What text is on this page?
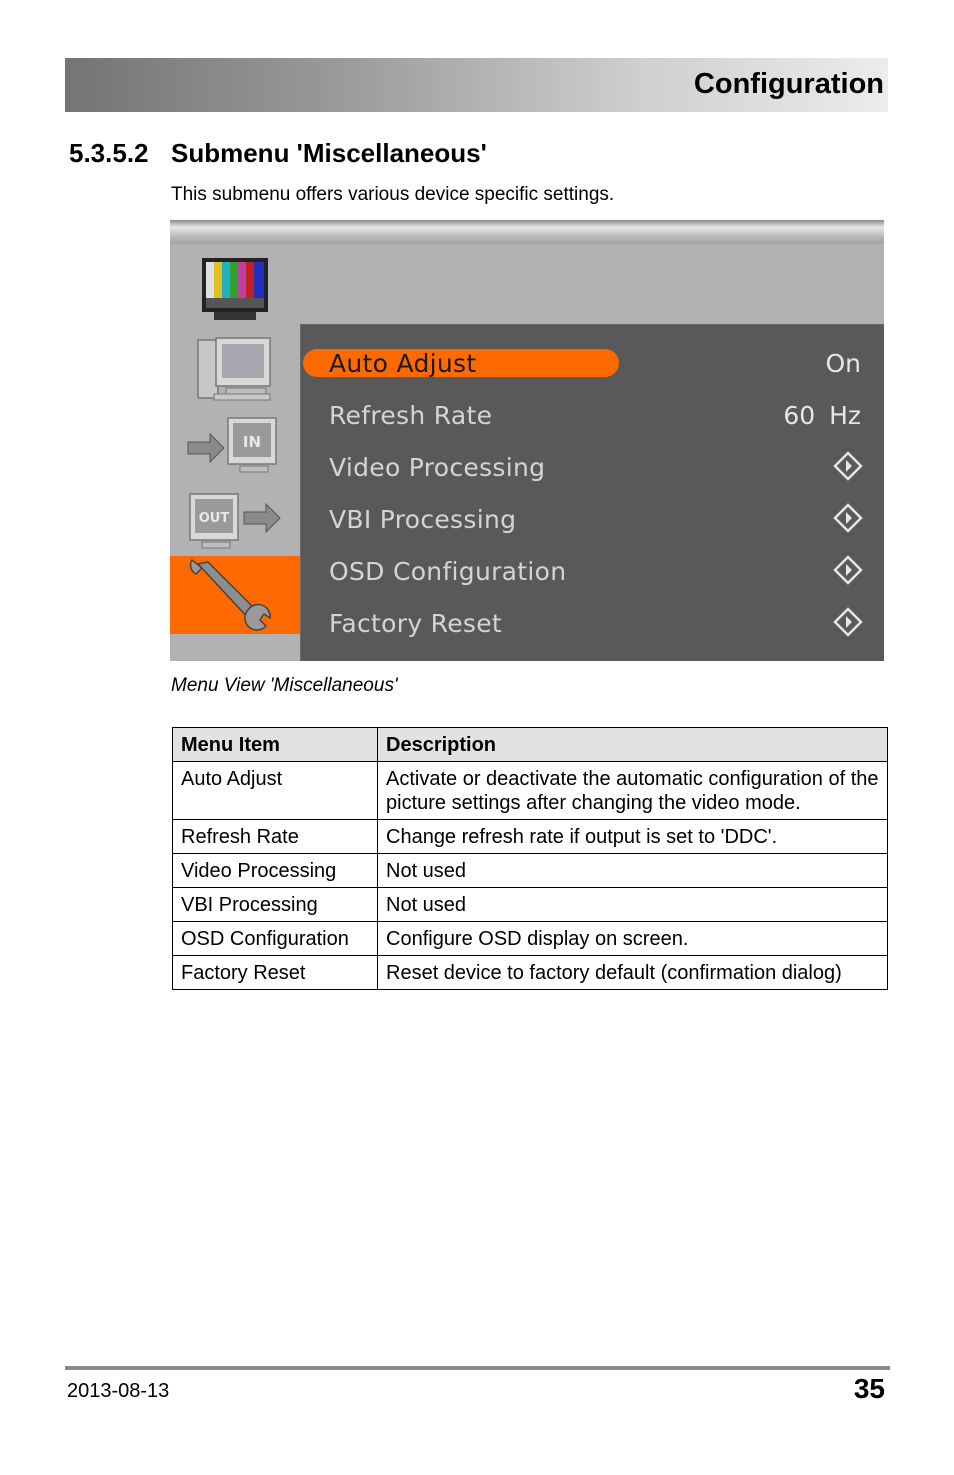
Configuration
5.3.5.2 Submenu 'Miscellaneous'
This submenu offers various device specific settings.
IN
OUT
Auto Adjust	On
Refresh Rate	60 Hz
Video Processing
VBI Processing
OSD Configuration
Factory Reset
Menu View 'Miscellaneous'
Menu Item	Description
Auto Adjust	Activate or deactivate the automatic configuration of the picture settings after changing the video mode.
Refresh Rate	Change refresh rate if output is set to 'DDC'.
Video Processing	Not used
VBI Processing	Not used
OSD Configuration	Configure OSD display on screen.
Factory Reset	Reset device to factory default (confirmation dialog)
2013-08-13	35
